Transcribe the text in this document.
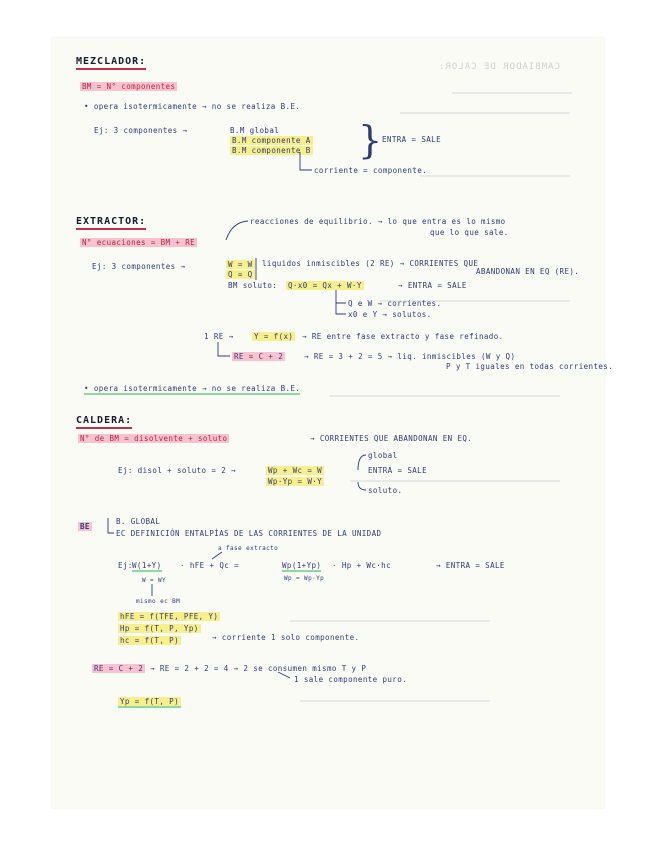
CAMBIADOR DE CALOR:
MEZCLADOR:
BM = N° componentes
• opera isotermicamente → no se realiza B.E.
Ej: 3 componentes →	B.M global
B.M componente A
B.M componente B } ENTRA = SALE
corriente = componente.
EXTRACTOR:	reacciones de equilibrio. → lo que entra es lo mismo
que lo que sale.
N° ecuaciones = BM + RE
Ej: 3 componentes →	W = W
Q = Q
liquidos inmiscibles (2 RE) → CORRIENTES QUE
ABANDONAN EN EQ (RE).
BM soluto: Q·x0 = Qx + W·Y	→ ENTRA = SALE
Q e W → corrientes.
x0 e Y → solutos.
1 RE →	Y = f(x) → RE entre fase extracto y fase refinado.
RE = C + 2	→ RE = 3 + 2 = 5 → liq. inmiscibles (W y Q)
P y T iguales en todas corrientes.
• opera isotermicamente → no se realiza B.E.
CALDERA:
N° de BM = disolvente + soluto	→ CORRIENTES QUE ABANDONAN EN EQ.
global
Ej: disol + soluto = 2 →	Wp + Wc = W
Wp·Yp = W·Y
ENTRA = SALE
soluto.
BE
B. GLOBAL
EC DEFINICIÓN ENTALPÍAS DE LAS CORRIENTES DE LA UNIDAD
a fase extracto
Ej: W(1+Y) · hFE + Qc =	Wp(1+Yp) · Hp + Wc·hc	→ ENTRA = SALE
W = WY	Wp = Wp·Yp
mismo ec BM
hFE = f(TFE, PFE, Y)
Hp = f(T, P, Yp)
hc = f(T, P)	→ corriente 1 solo componente.
RE = C + 2 → RE = 2 + 2 = 4 → 2 se consumen mismo T y P
1 sale componente puro.
Yp = f(T, P)
